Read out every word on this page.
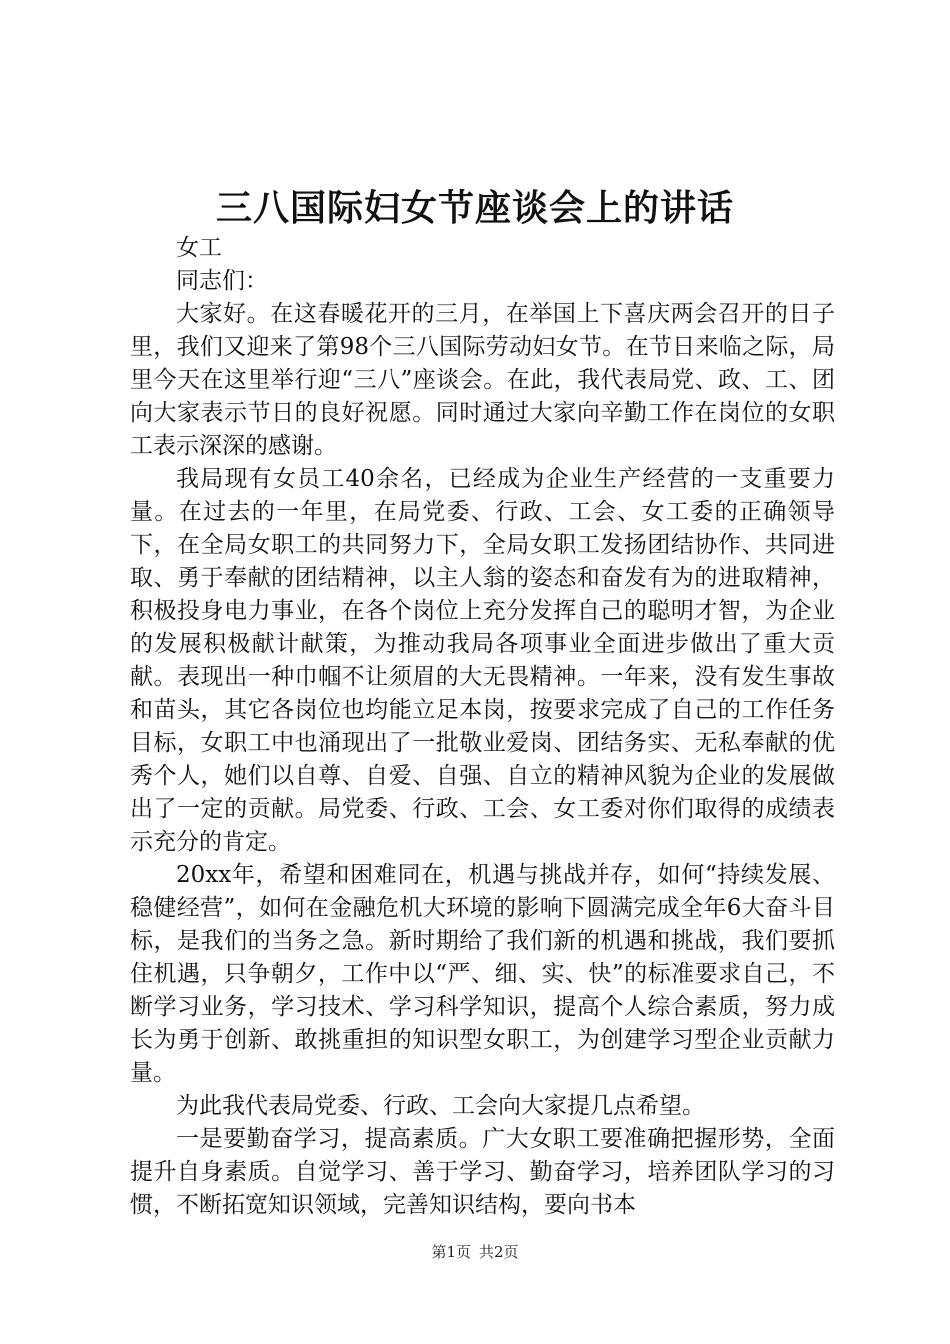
三八国际妇女节座谈会上的讲话

女工

同志们：

大家好。在这春暖花开的三月，在举国上下喜庆两会召开的日子里，我们又迎来了第98个三八国际劳动妇女节。在节日来临之际，局里今天在这里举行迎“三八”座谈会。在此，我代表局党、政、工、团向大家表示节日的良好祝愿。同时通过大家向辛勤工作在岗位的女职工表示深深的感谢。

我局现有女员工40余名，已经成为企业生产经营的一支重要力量。在过去的一年里，在局党委、行政、工会、女工委的正确领导下，在全局女职工的共同努力下，全局女职工发扬团结协作、共同进取、勇于奉献的团结精神，以主人翁的姿态和奋发有为的进取精神，积极投身电力事业，在各个岗位上充分发挥自己的聪明才智，为企业的发展积极献计献策，为推动我局各项事业全面进步做出了重大贡献。表现出一种巾帼不让须眉的大无畏精神。一年来，没有发生事故和苗头，其它各岗位也均能立足本岗，按要求完成了自己的工作任务目标，女职工中也涌现出了一批敬业爱岗、团结务实、无私奉献的优秀个人，她们以自尊、自爱、自强、自立的精神风貌为企业的发展做出了一定的贡献。局党委、行政、工会、女工委对你们取得的成绩表示充分的肯定。

20xx年，希望和困难同在，机遇与挑战并存，如何“持续发展、稳健经营”，如何在金融危机大环境的影响下圆满完成全年6大奋斗目标，是我们的当务之急。新时期给了我们新的机遇和挑战，我们要抓住机遇，只争朝夕，工作中以“严、细、实、快”的标准要求自己，不断学习业务，学习技术、学习科学知识，提高个人综合素质，努力成长为勇于创新、敢挑重担的知识型女职工，为创建学习型企业贡献力量。

为此我代表局党委、行政、工会向大家提几点希望。

一是要勤奋学习，提高素质。广大女职工要准确把握形势，全面提升自身素质。自觉学习、善于学习、勤奋学习，培养团队学习的习惯，不断拓宽知识领域，完善知识结构，要向书本

第1页 共2页
